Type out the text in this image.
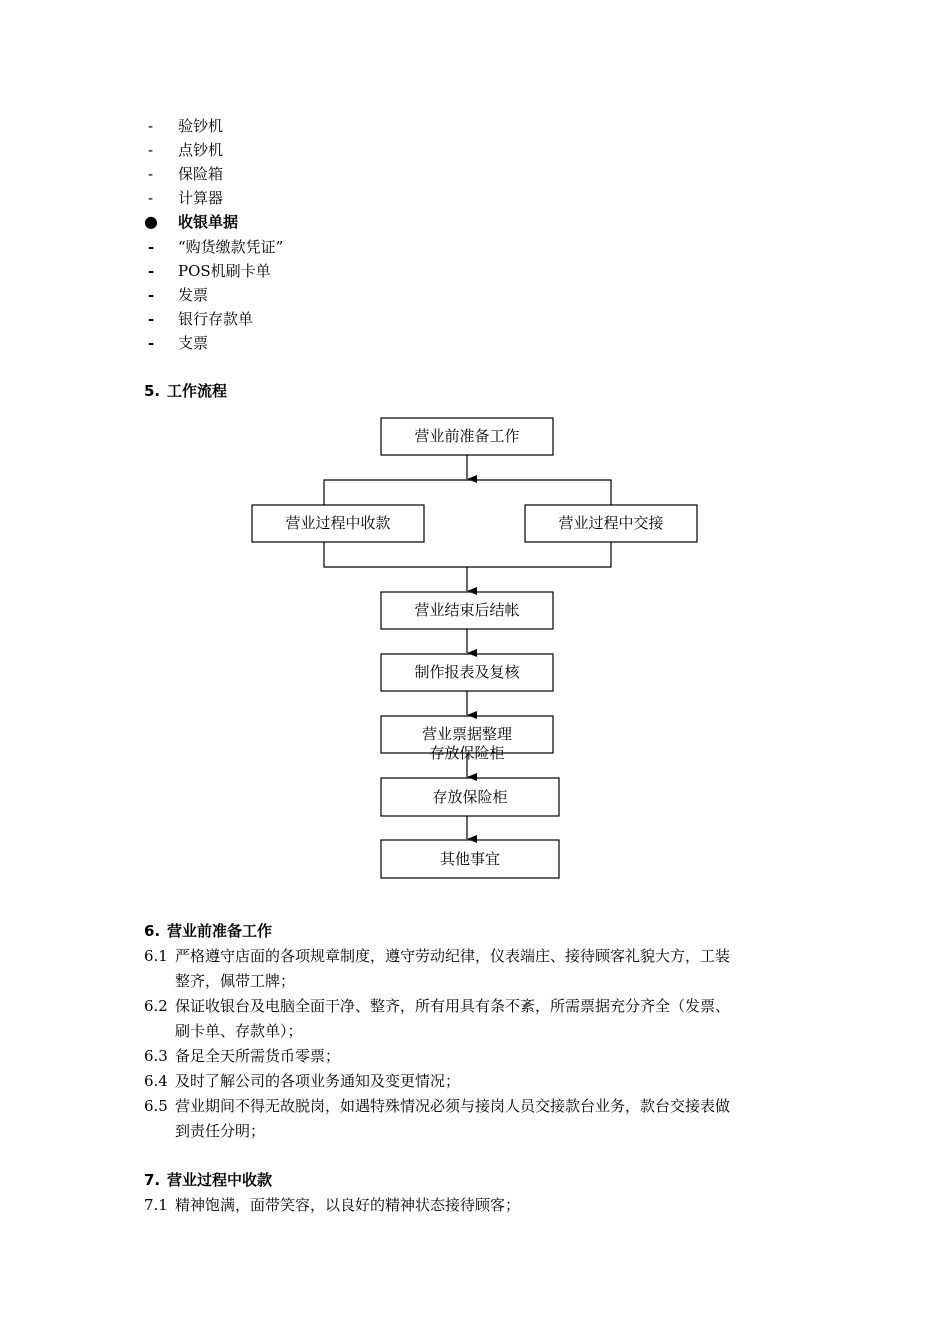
-	验钞机
-	点钞机
-	保险箱
-	计算器
●	收银单据
-	“购货缴款凭证”
-	POS机刷卡单
-	发票
-	银行存款单
-	支票
5. 工作流程
营业前准备工作
营业过程中收款	营业过程中交接
营业结束后结帐
制作报表及复核
营业票据整理
存放保险柜
存放保险柜
其他事宜
6. 营业前准备工作
6.1 严格遵守店面的各项规章制度，遵守劳动纪律，仪表端庄、接待顾客礼貌大方，工装
整齐，佩带工牌；
6.2 保证收银台及电脑全面干净、整齐，所有用具有条不紊，所需票据充分齐全（发票、
刷卡单、存款单）；
6.3 备足全天所需货币零票；
6.4 及时了解公司的各项业务通知及变更情况；
6.5 营业期间不得无故脱岗，如遇特殊情况必须与接岗人员交接款台业务，款台交接表做
到责任分明；
7. 营业过程中收款
7.1 精神饱满，面带笑容，以良好的精神状态接待顾客；
